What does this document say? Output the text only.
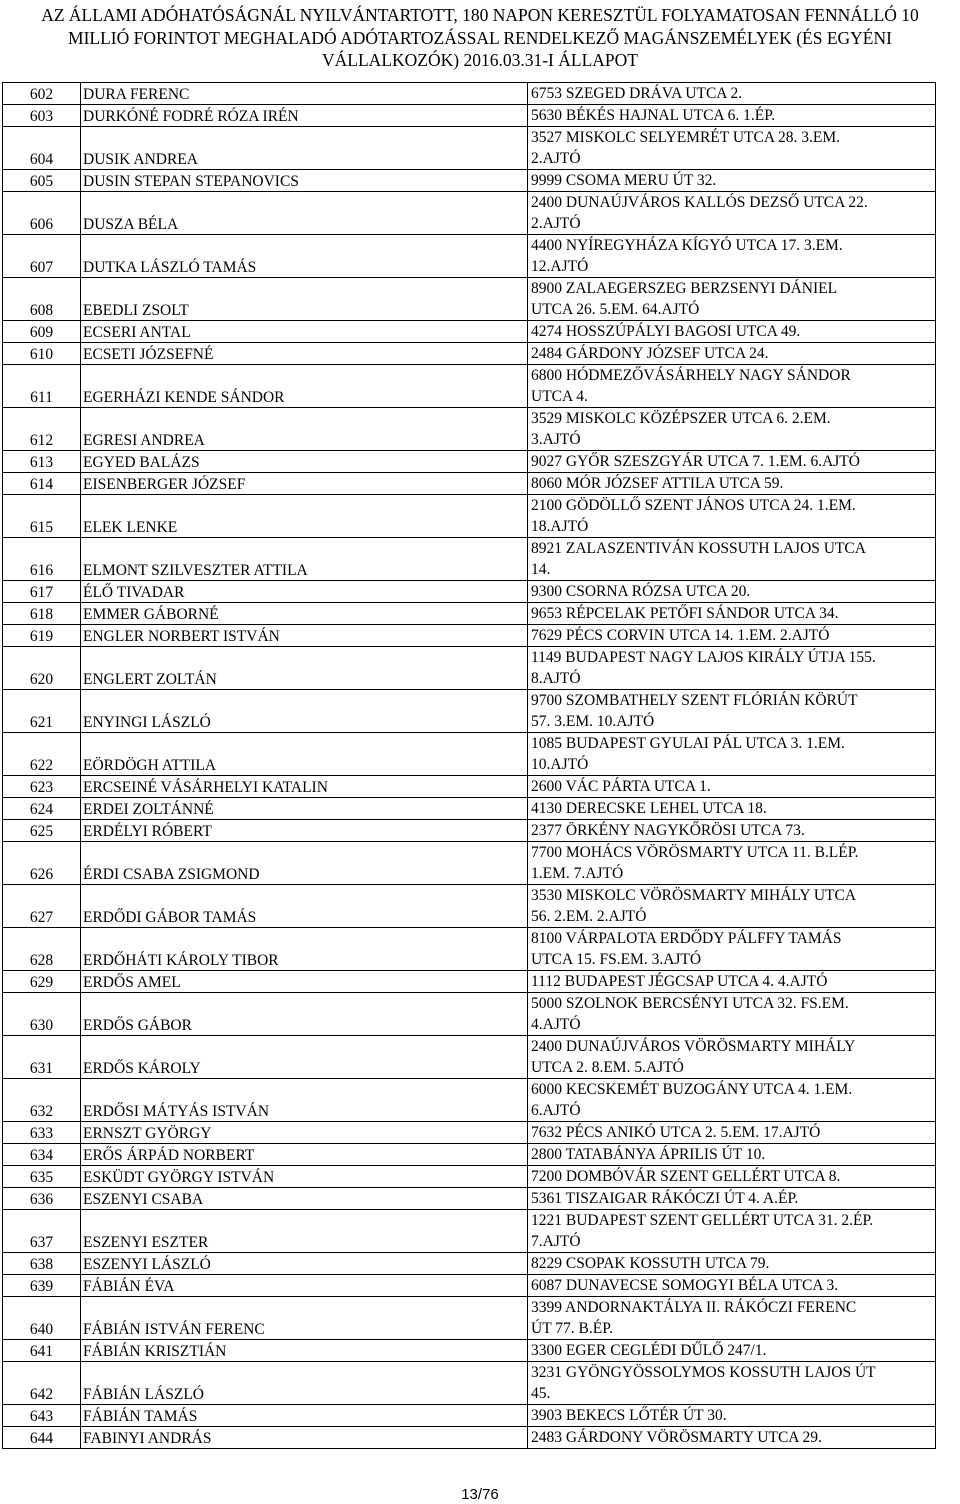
AZ ÁLLAMI ADÓHATÓSÁGNÁL NYILVÁNTARTOTT, 180 NAPON KERESZTÜL FOLYAMATOSAN FENNÁLLÓ 10
MILLIÓ FORINTOT MEGHALADÓ ADÓTARTOZÁSSAL RENDELKEZŐ MAGÁNSZEMÉLYEK (ÉS EGYÉNI
VÁLLALKOZÓK) 2016.03.31-I ÁLLAPOT
602	DURA FERENC	6753 SZEGED DRÁVA UTCA 2.
603	DURKÓNÉ FODRÉ RÓZA IRÉN	5630 BÉKÉS HAJNAL UTCA 6. 1.ÉP.
604	DUSIK ANDREA	3527 MISKOLC SELYEMRÉT UTCA 28. 3.EM.
2.AJTÓ

605	DUSIN STEPAN STEPANOVICS	9999 CSOMA MERU ÚT 32.
606	DUSZA BÉLA	2400 DUNAÚJVÁROS KALLÓS DEZSŐ UTCA 22.
2.AJTÓ

607	DUTKA LÁSZLÓ TAMÁS	4400 NYÍREGYHÁZA KÍGYÓ UTCA 17. 3.EM.
12.AJTÓ

608	EBEDLI ZSOLT	8900 ZALAEGERSZEG BERZSENYI DÁNIEL
UTCA 26. 5.EM. 64.AJTÓ

609	ECSERI ANTAL	4274 HOSSZÚPÁLYI BAGOSI UTCA 49.
610	ECSETI JÓZSEFNÉ	2484 GÁRDONY JÓZSEF UTCA 24.
611	EGERHÁZI KENDE SÁNDOR	6800 HÓDMEZŐVÁSÁRHELY NAGY SÁNDOR
UTCA 4.

612	EGRESI ANDREA	3529 MISKOLC KÖZÉPSZER UTCA 6. 2.EM.
3.AJTÓ

613	EGYED BALÁZS	9027 GYŐR SZESZGYÁR UTCA 7. 1.EM. 6.AJTÓ
614	EISENBERGER JÓZSEF	8060 MÓR JÓZSEF ATTILA UTCA 59.
615	ELEK LENKE	2100 GÖDÖLLŐ SZENT JÁNOS UTCA 24. 1.EM.
18.AJTÓ

616	ELMONT SZILVESZTER ATTILA	8921 ZALASZENTIVÁN KOSSUTH LAJOS UTCA
14.

617	ÉLŐ TIVADAR	9300 CSORNA RÓZSA UTCA 20.
618	EMMER GÁBORNÉ	9653 RÉPCELAK PETŐFI SÁNDOR UTCA 34.
619	ENGLER NORBERT ISTVÁN	7629 PÉCS CORVIN UTCA 14. 1.EM. 2.AJTÓ
620	ENGLERT ZOLTÁN	1149 BUDAPEST NAGY LAJOS KIRÁLY ÚTJA 155.
8.AJTÓ

621	ENYINGI LÁSZLÓ	9700 SZOMBATHELY SZENT FLÓRIÁN KÖRÚT
57. 3.EM. 10.AJTÓ

622	EÖRDÖGH ATTILA	1085 BUDAPEST GYULAI PÁL UTCA 3. 1.EM.
10.AJTÓ

623	ERCSEINÉ VÁSÁRHELYI KATALIN	2600 VÁC PÁRTA UTCA 1.
624	ERDEI ZOLTÁNNÉ	4130 DERECSKE LEHEL UTCA 18.
625	ERDÉLYI RÓBERT	2377 ÖRKÉNY NAGYKŐRÖSI UTCA 73.
626	ÉRDI CSABA ZSIGMOND	7700 MOHÁCS VÖRÖSMARTY UTCA 11. B.LÉP.
1.EM. 7.AJTÓ

627	ERDŐDI GÁBOR TAMÁS	3530 MISKOLC VÖRÖSMARTY MIHÁLY UTCA
56. 2.EM. 2.AJTÓ

628	ERDŐHÁTI KÁROLY TIBOR	8100 VÁRPALOTA ERDŐDY PÁLFFY TAMÁS
UTCA 15. FS.EM. 3.AJTÓ

629	ERDŐS AMEL	1112 BUDAPEST JÉGCSAP UTCA 4. 4.AJTÓ
630	ERDŐS GÁBOR	5000 SZOLNOK BERCSÉNYI UTCA 32. FS.EM.
4.AJTÓ

631	ERDŐS KÁROLY	2400 DUNAÚJVÁROS VÖRÖSMARTY MIHÁLY
UTCA 2. 8.EM. 5.AJTÓ

632	ERDŐSI MÁTYÁS ISTVÁN	6000 KECSKEMÉT BUZOGÁNY UTCA 4. 1.EM.
6.AJTÓ

633	ERNSZT GYÖRGY	7632 PÉCS ANIKÓ UTCA 2. 5.EM. 17.AJTÓ
634	ERŐS ÁRPÁD NORBERT	2800 TATABÁNYA ÁPRILIS ÚT 10.
635	ESKÜDT GYÖRGY ISTVÁN	7200 DOMBÓVÁR SZENT GELLÉRT UTCA 8.
636	ESZENYI CSABA	5361 TISZAIGAR RÁKÓCZI ÚT 4. A.ÉP.
637	ESZENYI ESZTER	1221 BUDAPEST SZENT GELLÉRT UTCA 31. 2.ÉP.
7.AJTÓ

638	ESZENYI LÁSZLÓ	8229 CSOPAK KOSSUTH UTCA 79.
639	FÁBIÁN ÉVA	6087 DUNAVECSE SOMOGYI BÉLA UTCA 3.
640	FÁBIÁN ISTVÁN FERENC	3399 ANDORNAKTÁLYA II. RÁKÓCZI FERENC
ÚT 77. B.ÉP.

641	FÁBIÁN KRISZTIÁN	3300 EGER CEGLÉDI DŰLŐ 247/1.
642	FÁBIÁN LÁSZLÓ	3231 GYÖNGYÖSSOLYMOS KOSSUTH LAJOS ÚT
45.

643	FÁBIÁN TAMÁS	3903 BEKECS LŐTÉR ÚT 30.
644	FABINYI ANDRÁS	2483 GÁRDONY VÖRÖSMARTY UTCA 29.
13/76
